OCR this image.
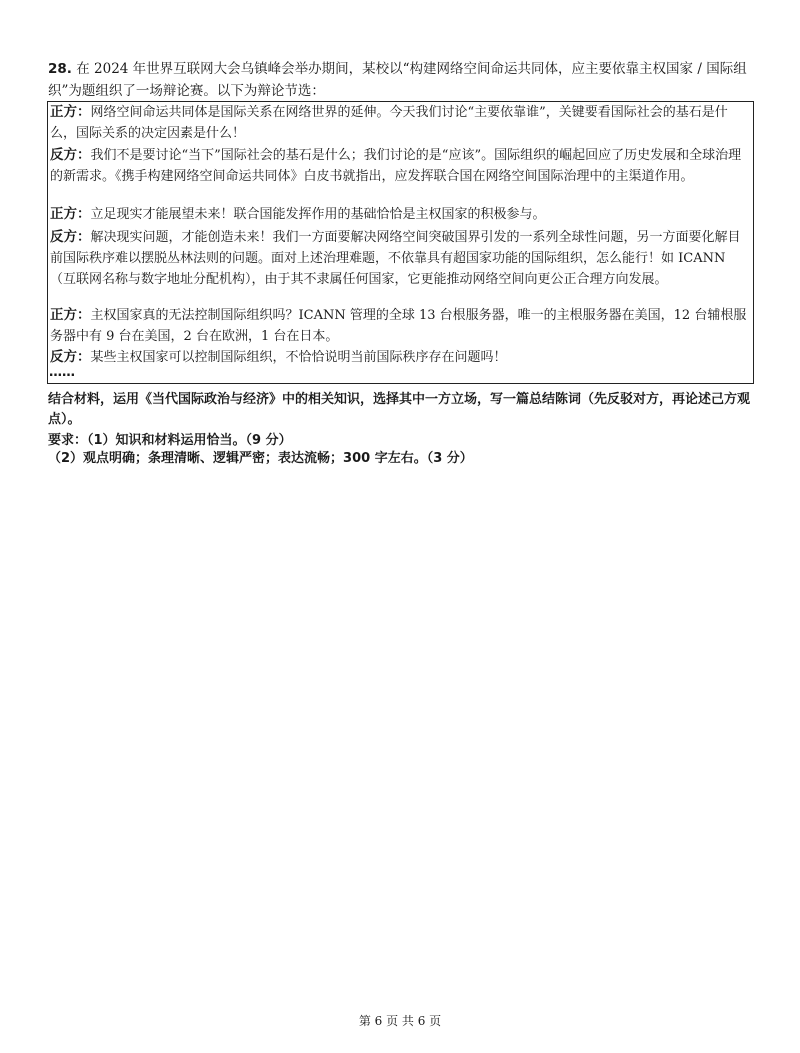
28. 在 2024 年世界互联网大会乌镇峰会举办期间，某校以“构建网络空间命运共同体，应主要依靠主权国家 / 国际组织”为题组织了一场辩论赛。以下为辩论节选：
正方：网络空间命运共同体是国际关系在网络世界的延伸。今天我们讨论“主要依靠谁”，关键要看国际社会的基石是什么，国际关系的决定因素是什么！
反方：我们不是要讨论“当下”国际社会的基石是什么；我们讨论的是“应该”。国际组织的崛起回应了历史发展和全球治理的新需求。《携手构建网络空间命运共同体》白皮书就指出，应发挥联合国在网络空间国际治理中的主渠道作用。
正方：立足现实才能展望未来！联合国能发挥作用的基础恰恰是主权国家的积极参与。
反方：解决现实问题，才能创造未来！我们一方面要解决网络空间突破国界引发的一系列全球性问题，另一方面要化解目前国际秩序难以摆脱丛林法则的问题。面对上述治理难题，不依靠具有超国家功能的国际组织，怎么能行！如 ICANN（互联网名称与数字地址分配机构），由于其不隶属任何国家，它更能推动网络空间向更公正合理方向发展。
正方：主权国家真的无法控制国际组织吗？ICANN 管理的全球 13 台根服务器，唯一的主根服务器在美国，12 台辅根服务器中有 9 台在美国，2 台在欧洲，1 台在日本。
反方：某些主权国家可以控制国际组织，不恰恰说明当前国际秩序存在问题吗！
……
结合材料，运用《当代国际政治与经济》中的相关知识，选择其中一方立场，写一篇总结陈词（先反驳对方，再论述己方观点）。
要求：（1）知识和材料运用恰当。（9 分）
（2）观点明确；条理清晰、逻辑严密；表达流畅；300 字左右。（3 分）
第 6 页 共 6 页
